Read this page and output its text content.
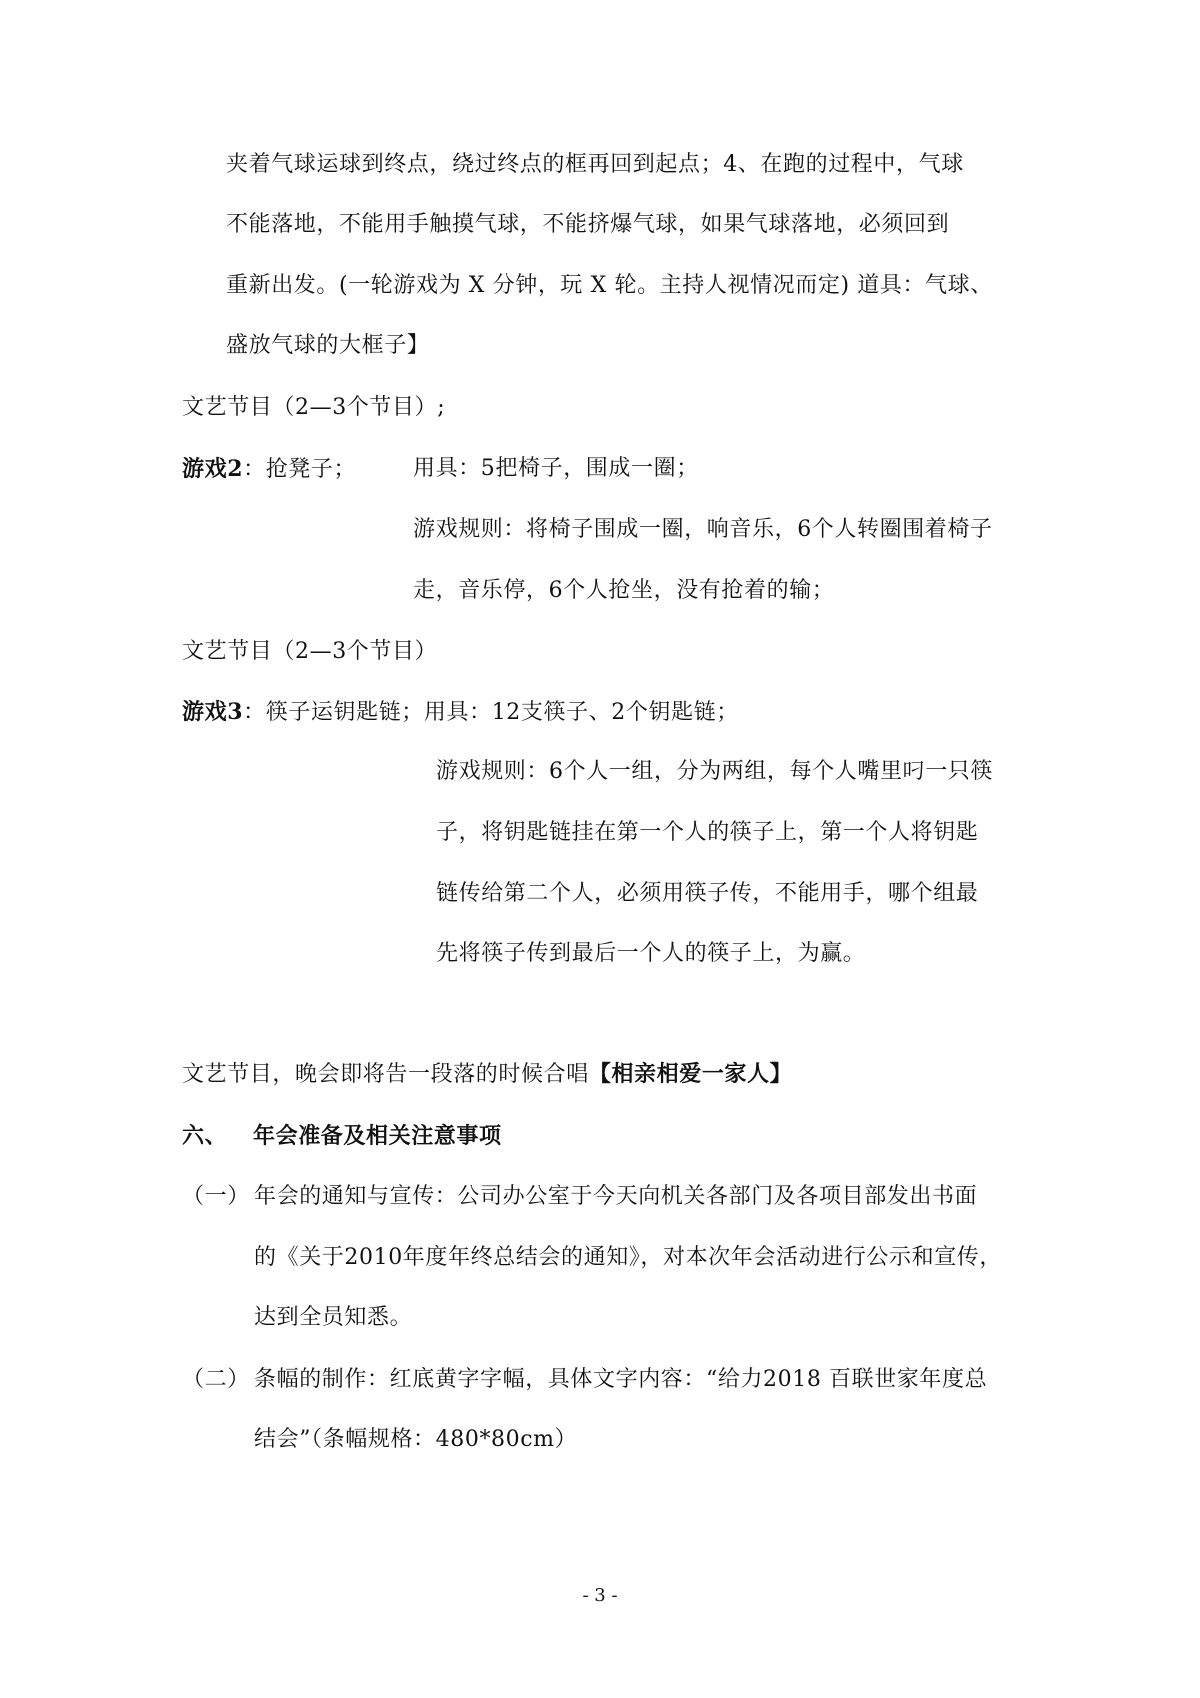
夹着气球运球到终点，绕过终点的框再回到起点；4、在跑的过程中，气球
不能落地，不能用手触摸气球，不能挤爆气球，如果气球落地，必须回到
重新出发。(一轮游戏为 X 分钟，玩 X 轮。主持人视情况而定) 道具：气球、
盛放气球的大框子】
文艺节目（2—3个节目）;
游戏2：抢凳子；	用具：5把椅子，围成一圈；
游戏规则：将椅子围成一圈，响音乐，6个人转圈围着椅子
走，音乐停，6个人抢坐，没有抢着的输；
文艺节目（2—3个节目）
游戏3：筷子运钥匙链；用具：12支筷子、2个钥匙链；
游戏规则：6个人一组，分为两组，每个人嘴里叼一只筷
子，将钥匙链挂在第一个人的筷子上，第一个人将钥匙
链传给第二个人，必须用筷子传，不能用手，哪个组最
先将筷子传到最后一个人的筷子上，为赢。
文艺节目，晚会即将告一段落的时候合唱【相亲相爱一家人】
六、 年会准备及相关注意事项
（一） 年会的通知与宣传：公司办公室于今天向机关各部门及各项目部发出书面
的《关于2010年度年终总结会的通知》，对本次年会活动进行公示和宣传，
达到全员知悉。
（二） 条幅的制作：红底黄字字幅，具体文字内容：“给力2018 百联世家年度总
结会”（条幅规格：480*80cm）
- 3 -
